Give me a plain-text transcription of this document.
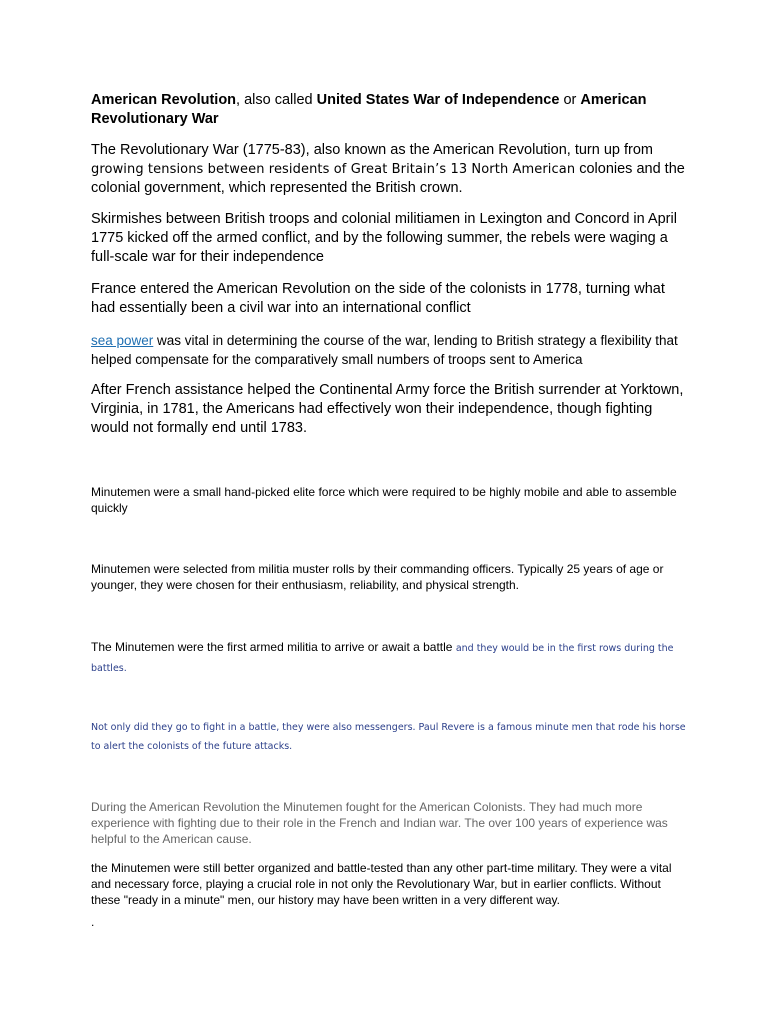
American Revolution, also called United States War of Independence or American Revolutionary War

The Revolutionary War (1775-83), also known as the American Revolution, turn up from
growing tensions between residents of Great Britain’s 13 North American colonies and the colonial government, which represented the British crown.

Skirmishes between British troops and colonial militiamen in Lexington and Concord in April 1775 kicked off the armed conflict, and by the following summer, the rebels were waging a full-scale war for their independence

France entered the American Revolution on the side of the colonists in 1778, turning what had essentially been a civil war into an international conflict

sea power was vital in determining the course of the war, lending to British strategy a flexibility that helped compensate for the comparatively small numbers of troops sent to America

After French assistance helped the Continental Army force the British surrender at Yorktown, Virginia, in 1781, the Americans had effectively won their independence, though fighting would not formally end until 1783.

Minutemen were a small hand-picked elite force which were required to be highly mobile and able to assemble quickly

Minutemen were selected from militia muster rolls by their commanding officers. Typically 25 years of age or younger, they were chosen for their enthusiasm, reliability, and physical strength.

The Minutemen were the first armed militia to arrive or await a battle and they would be in the first rows during the battles.

Not only did they go to fight in a battle, they were also messengers. Paul Revere is a famous minute men that rode his horse to alert the colonists of the future attacks.

During the American Revolution the Minutemen fought for the American Colonists. They had much more experience with fighting due to their role in the French and Indian war. The over 100 years of experience was helpful to the American cause.

the Minutemen were still better organized and battle-tested than any other part-time military. They were a vital and necessary force, playing a crucial role in not only the Revolutionary War, but in earlier conflicts. Without these "ready in a minute" men, our history may have been written in a very different way.

.
